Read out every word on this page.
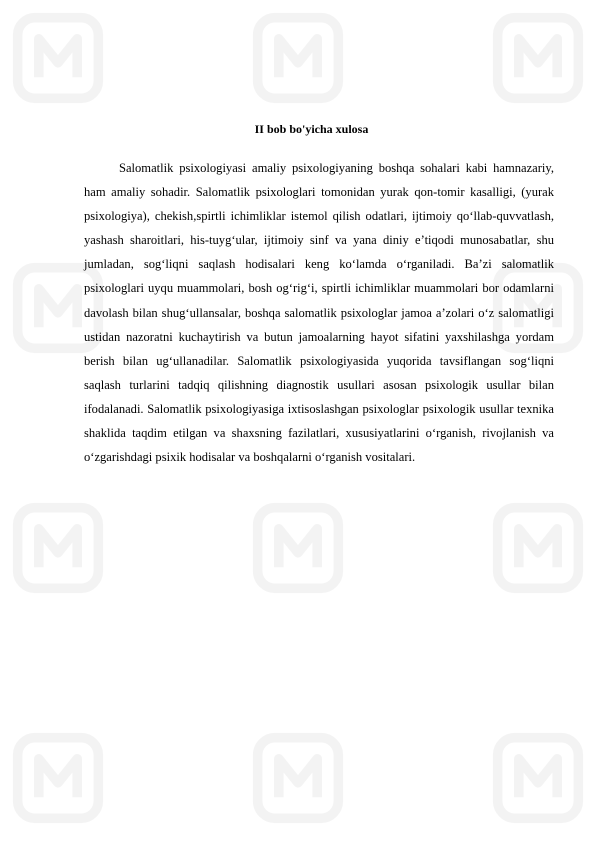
II bob bo'yicha xulosa

Salomatlik psixologiyasi amaliy psixologiyaning boshqa sohalari kabi hamnazariy, ham amaliy sohadir. Salomatlik psixologlari tomonidan yurak qon-tomir kasalligi, (yurak psixologiya), chekish,spirtli ichimliklar istemol qilish odatlari, ijtimoiy qo‘llab-quvvatlash, yashash sharoitlari, his-tuyg‘ular, ijtimoiy sinf va yana diniy e’tiqodi munosabatlar, shu jumladan, sog‘liqni saqlash hodisalari keng ko‘lamda o‘rganiladi. Ba’zi salomatlik psixologlari uyqu muammolari, bosh og‘rig‘i, spirtli ichimliklar muammolari bor odamlarni davolash bilan shug‘ullansalar, boshqa salomatlik psixologlar jamoa a’zolari o‘z salomatligi ustidan nazoratni kuchaytirish va butun jamoalarning hayot sifatini yaxshilashga yordam berish bilan ug‘ullanadilar. Salomatlik psixologiyasida yuqorida tavsiflangan sog‘liqni saqlash turlarini tadqiq qilishning diagnostik usullari asosan psixologik usullar bilan ifodalanadi. Salomatlik psixologiyasiga ixtisoslashgan psixologlar psixologik usullar texnika shaklida taqdim etilgan va shaxsning fazilatlari, xususiyatlarini o‘rganish, rivojlanish va o‘zgarishdagi psixik hodisalar va boshqalarni o‘rganish vositalari.
